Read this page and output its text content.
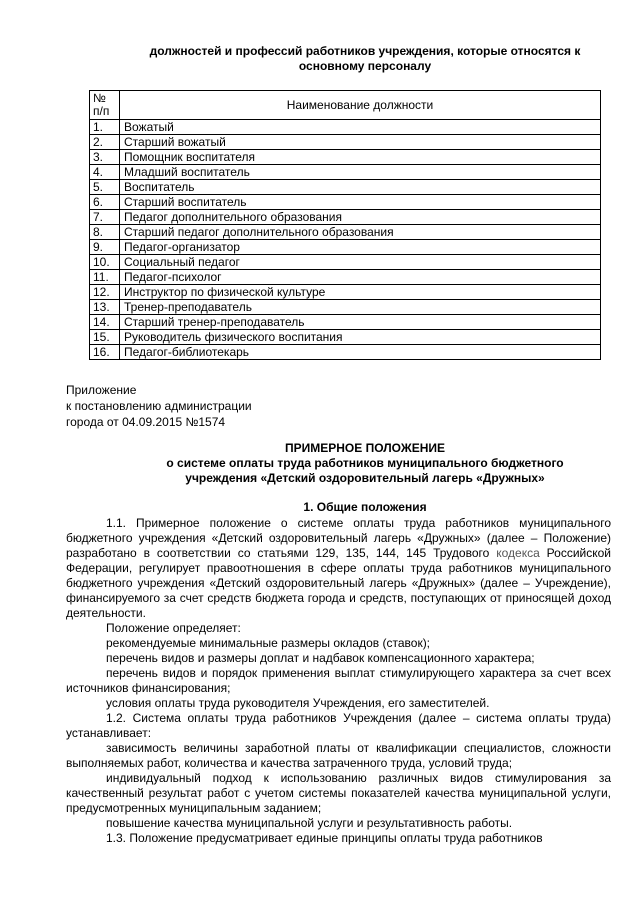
должностей и профессий работников учреждения, которые относятся к
основному персоналу
№ п/п	Наименование должности
1.	Вожатый
2.	Старший вожатый
3.	Помощник воспитателя
4.	Младший воспитатель
5.	Воспитатель
6.	Старший воспитатель
7.	Педагог дополнительного образования
8.	Старший педагог дополнительного образования
9.	Педагог-организатор
10.	Социальный педагог
11.	Педагог-психолог
12.	Инструктор по физической культуре
13.	Тренер-преподаватель
14.	Старший тренер-преподаватель
15.	Руководитель физического воспитания
16.	Педагог-библиотекарь
Приложение
к постановлению администрации
города от 04.09.2015 №1574
ПРИМЕРНОЕ ПОЛОЖЕНИЕ
о системе оплаты труда работников муниципального бюджетного
учреждения «Детский оздоровительный лагерь «Дружных»
1. Общие положения

1.1. Примерное положение о системе оплаты труда работников муниципального бюджетного учреждения «Детский оздоровительный лагерь «Дружных» (далее – Положение) разработано в соответствии со статьями 129, 135, 144, 145 Трудового кодекса Российской Федерации, регулирует правоотношения в сфере оплаты труда работников муниципального бюджетного учреждения «Детский оздоровительный лагерь «Дружных» (далее – Учреждение), финансируемого за счет средств бюджета города и средств, поступающих от приносящей доход деятельности.

Положение определяет:

рекомендуемые минимальные размеры окладов (ставок);

перечень видов и размеры доплат и надбавок компенсационного характера;

перечень видов и порядок применения выплат стимулирующего характера за счет всех источников финансирования;

условия оплаты труда руководителя Учреждения, его заместителей.

1.2. Система оплаты труда работников Учреждения (далее – система оплаты труда) устанавливает:

зависимость величины заработной платы от квалификации специалистов, сложности выполняемых работ, количества и качества затраченного труда, условий труда;

индивидуальный подход к использованию различных видов стимулирования за качественный результат работ с учетом системы показателей качества муниципальной услуги, предусмотренных муниципальным заданием;

повышение качества муниципальной услуги и результативность работы.

1.3. Положение предусматривает единые принципы оплаты труда работников
